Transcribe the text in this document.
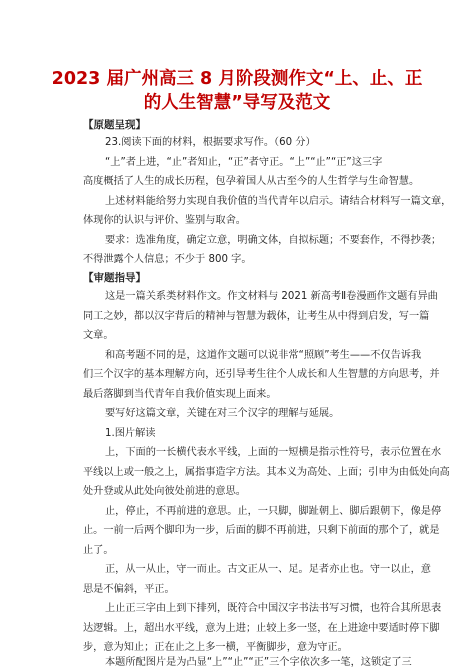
2023 届广州高三 8 月阶段测作文“上、止、正
的人生智慧”导写及范文
【原题呈现】
23.阅读下面的材料，根据要求写作。（60 分）
“上”者上进，“止”者知止，“正”者守正。“上”“止”“正”这三字
高度概括了人生的成长历程，包孕着国人从古至今的人生哲学与生命智慧。
上述材料能给努力实现自我价值的当代青年以启示。请结合材料写一篇文章，
体现你的认识与评价、鉴别与取舍。
要求：选准角度，确定立意，明确文体，自拟标题；不要套作，不得抄袭；
不得泄露个人信息；不少于 800 字。
【审题指导】
这是一篇关系类材料作文。作文材料与 2021 新高考Ⅱ卷漫画作文题有异曲
同工之妙，都以汉字背后的精神与智慧为载体，让考生从中得到启发，写一篇
文章。
和高考题不同的是，这道作文题可以说非常“照顾”考生——不仅告诉我
们三个汉字的基本理解方向，还引导考生往个人成长和人生智慧的方向思考，并
最后落脚到当代青年自我价值实现上面来。
要写好这篇文章，关键在对三个汉字的理解与延展。
1.图片解读
上，下面的一长横代表水平线，上面的一短横是指示性符号，表示位置在水
平线以上或一般之上，属指事造字方法。其本义为高处、上面；引申为由低处向高
处升登或从此处向彼处前进的意思。
止，停止，不再前进的意思。止，一只脚，脚趾朝上、脚后跟朝下，像是停
止。一前一后两个脚印为一步，后面的脚不再前进，只剩下前面的那个了，就是
止了。
正，从一从止，守一而止。古文正从一、足。足者亦止也。守一以止，意
思是不偏斜，平正。
上止正三字由上到下排列，既符合中国汉字书法书写习惯，也符合其所思表
达逻辑。上，超出水平线，意为上进；止较上多一竖，在上进途中要适时停下脚
步，意为知止；正在止之上多一横，平衡脚步，意为守正。
本题所配图片是为凸显“上”“止”“正”三个字依次多一笔，这锁定了三
